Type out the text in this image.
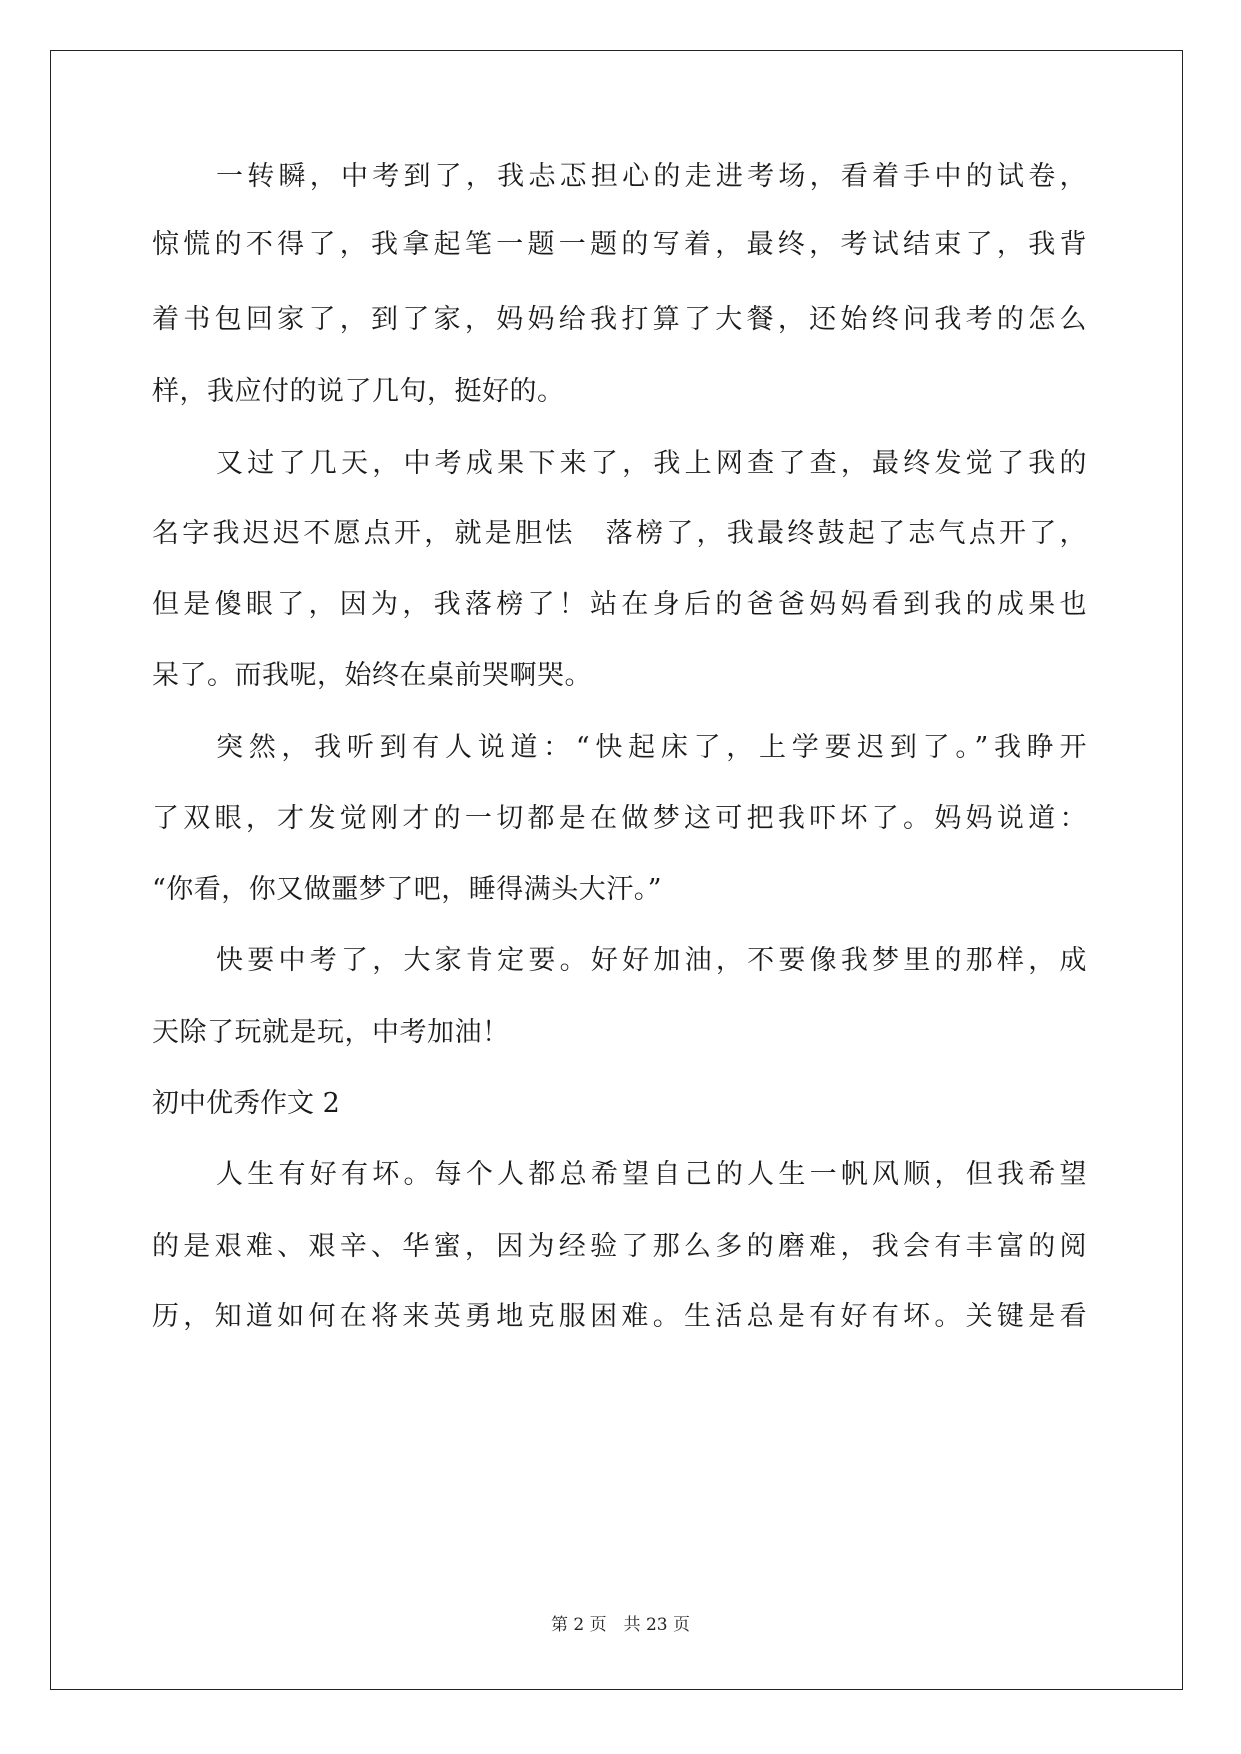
一转瞬，中考到了，我忐忑担心的走进考场，看着手中的试卷，
惊慌的不得了，我拿起笔一题一题的写着，最终，考试结束了，我背
着书包回家了，到了家，妈妈给我打算了大餐，还始终问我考的怎么
样，我应付的说了几句，挺好的。
又过了几天，中考成果下来了，我上网查了查，最终发觉了我的
名字我迟迟不愿点开，就是胆怯　落榜了，我最终鼓起了志气点开了，
但是傻眼了，因为，我落榜了！站在身后的爸爸妈妈看到我的成果也
呆了。而我呢，始终在桌前哭啊哭。
突然，我听到有人说道：“快起床了，上学要迟到了。”我睁开
了双眼，才发觉刚才的一切都是在做梦这可把我吓坏了。妈妈说道：
“你看，你又做噩梦了吧，睡得满头大汗。”
快要中考了，大家肯定要。好好加油，不要像我梦里的那样，成
天除了玩就是玩，中考加油！
初中优秀作文 2
人生有好有坏。每个人都总希望自己的人生一帆风顺，但我希望
的是艰难、艰辛、华蜜，因为经验了那么多的磨难，我会有丰富的阅
历，知道如何在将来英勇地克服困难。生活总是有好有坏。关键是看
第 2 页　共 23 页
